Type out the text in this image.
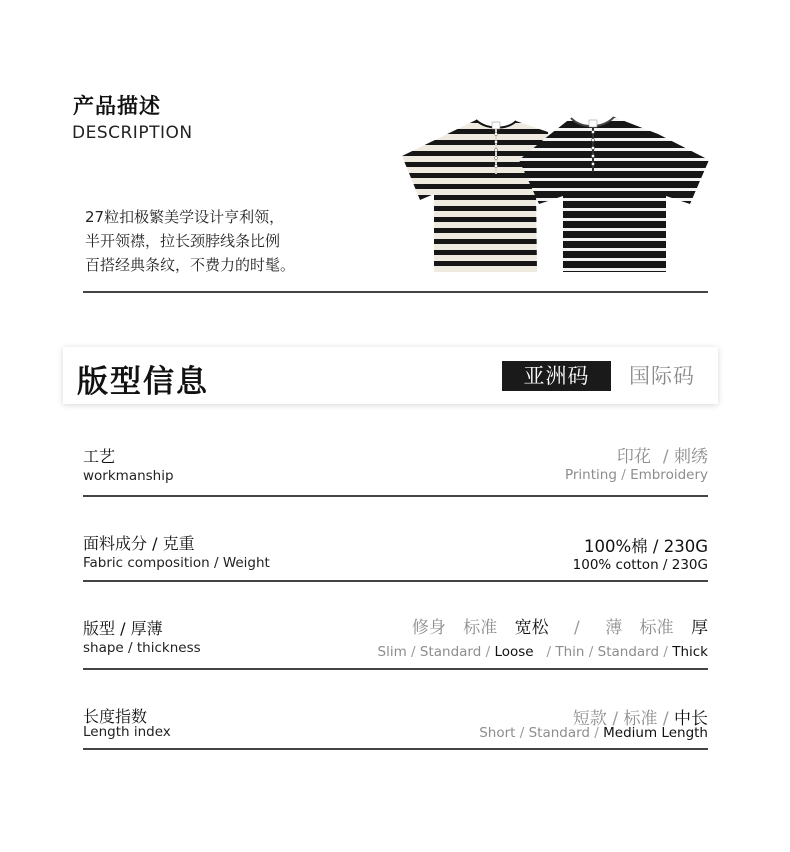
产品描述
DESCRIPTION
27粒扣极繁美学设计亨利领，
半开领襟，拉长颈脖线条比例
百搭经典条纹，不费力的时髦。
版型信息	亚洲码	国际码
工艺
workmanship
印花 / 刺绣
Printing / Embroidery
面料成分 / 克重
Fabric composition / Weight
100%棉 / 230G
100% cotton / 230G
版型 / 厚薄
shape / thickness
修身 标准 宽松 / 薄 标准 厚
Slim / Standard / Loose / Thin / Standard / Thick
长度指数
Length index
短款 / 标准 / 中长
Short / Standard / Medium Length
